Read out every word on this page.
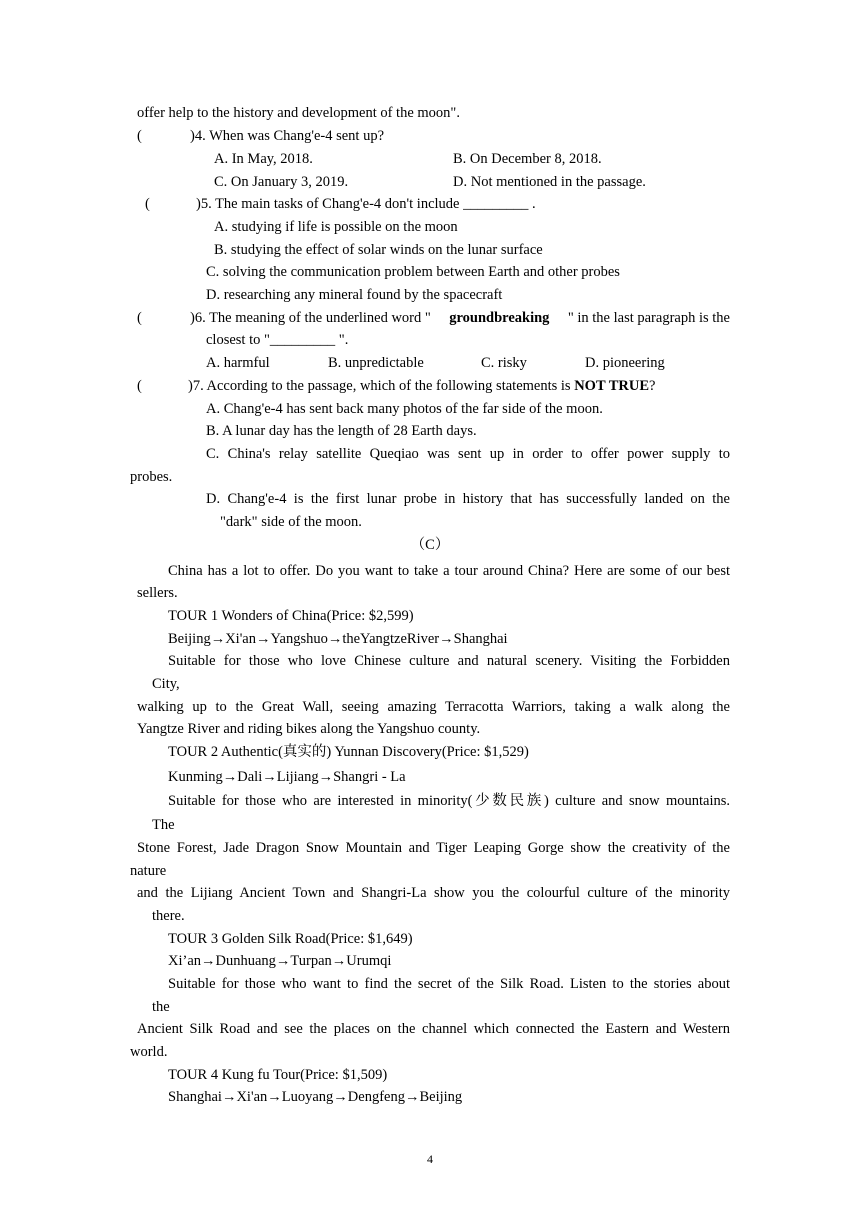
offer help to the history and development of the moon".
(	)4. When was Chang'e-4 sent up?
A. In May, 2018.	B. On December 8, 2018.
C. On January 3, 2019.	D. Not mentioned in the passage.
(	)5. The main tasks of Chang'e-4 don't include _________ .
A. studying if life is possible on the moon
B. studying the effect of solar winds on the lunar surface
C. solving the communication problem between Earth and other probes
D. researching any mineral found by the spacecraft
(	)6. The meaning of the underlined word " groundbreaking " in the last paragraph is the
closest to "_________ ".
A. harmful	B. unpredictable	C. risky	D. pioneering
(	)7. According to the passage, which of the following statements is NOT TRUE?
A. Chang'e-4 has sent back many photos of the far side of the moon.
B. A lunar day has the length of 28 Earth days.
C. China's relay satellite Queqiao was sent up in order to offer power supply to
probes.
D. Chang'e-4 is the first lunar probe in history that has successfully landed on the
"dark" side of the moon.
（C）
China has a lot to offer. Do you want to take a tour around China? Here are some of our best
sellers.
TOUR 1 Wonders of China(Price: $2,599)
Beijing→Xi'an→Yangshuo→theYangtzeRiver→Shanghai
Suitable for those who love Chinese culture and natural scenery. Visiting the Forbidden
City,
walking up to the Great Wall, seeing amazing Terracotta Warriors, taking a walk along the
Yangtze River and riding bikes along the Yangshuo county.
TOUR 2 Authentic(真实的) Yunnan Discovery(Price: $1,529)
Kunming→Dali→Lijiang→Shangri - La
Suitable for those who are interested in minority(少数民族) culture and snow mountains.
The
Stone Forest, Jade Dragon Snow Mountain and Tiger Leaping Gorge show the creativity of the
nature
and the Lijiang Ancient Town and Shangri-La show you the colourful culture of the minority
there.
TOUR 3 Golden Silk Road(Price: $1,649)
Xi’an→Dunhuang→Turpan→Urumqi
Suitable for those who want to find the secret of the Silk Road. Listen to the stories about
the
Ancient Silk Road and see the places on the channel which connected the Eastern and Western
world.
TOUR 4 Kung fu Tour(Price: $1,509)
Shanghai→Xi'an→Luoyang→Dengfeng→Beijing
4
